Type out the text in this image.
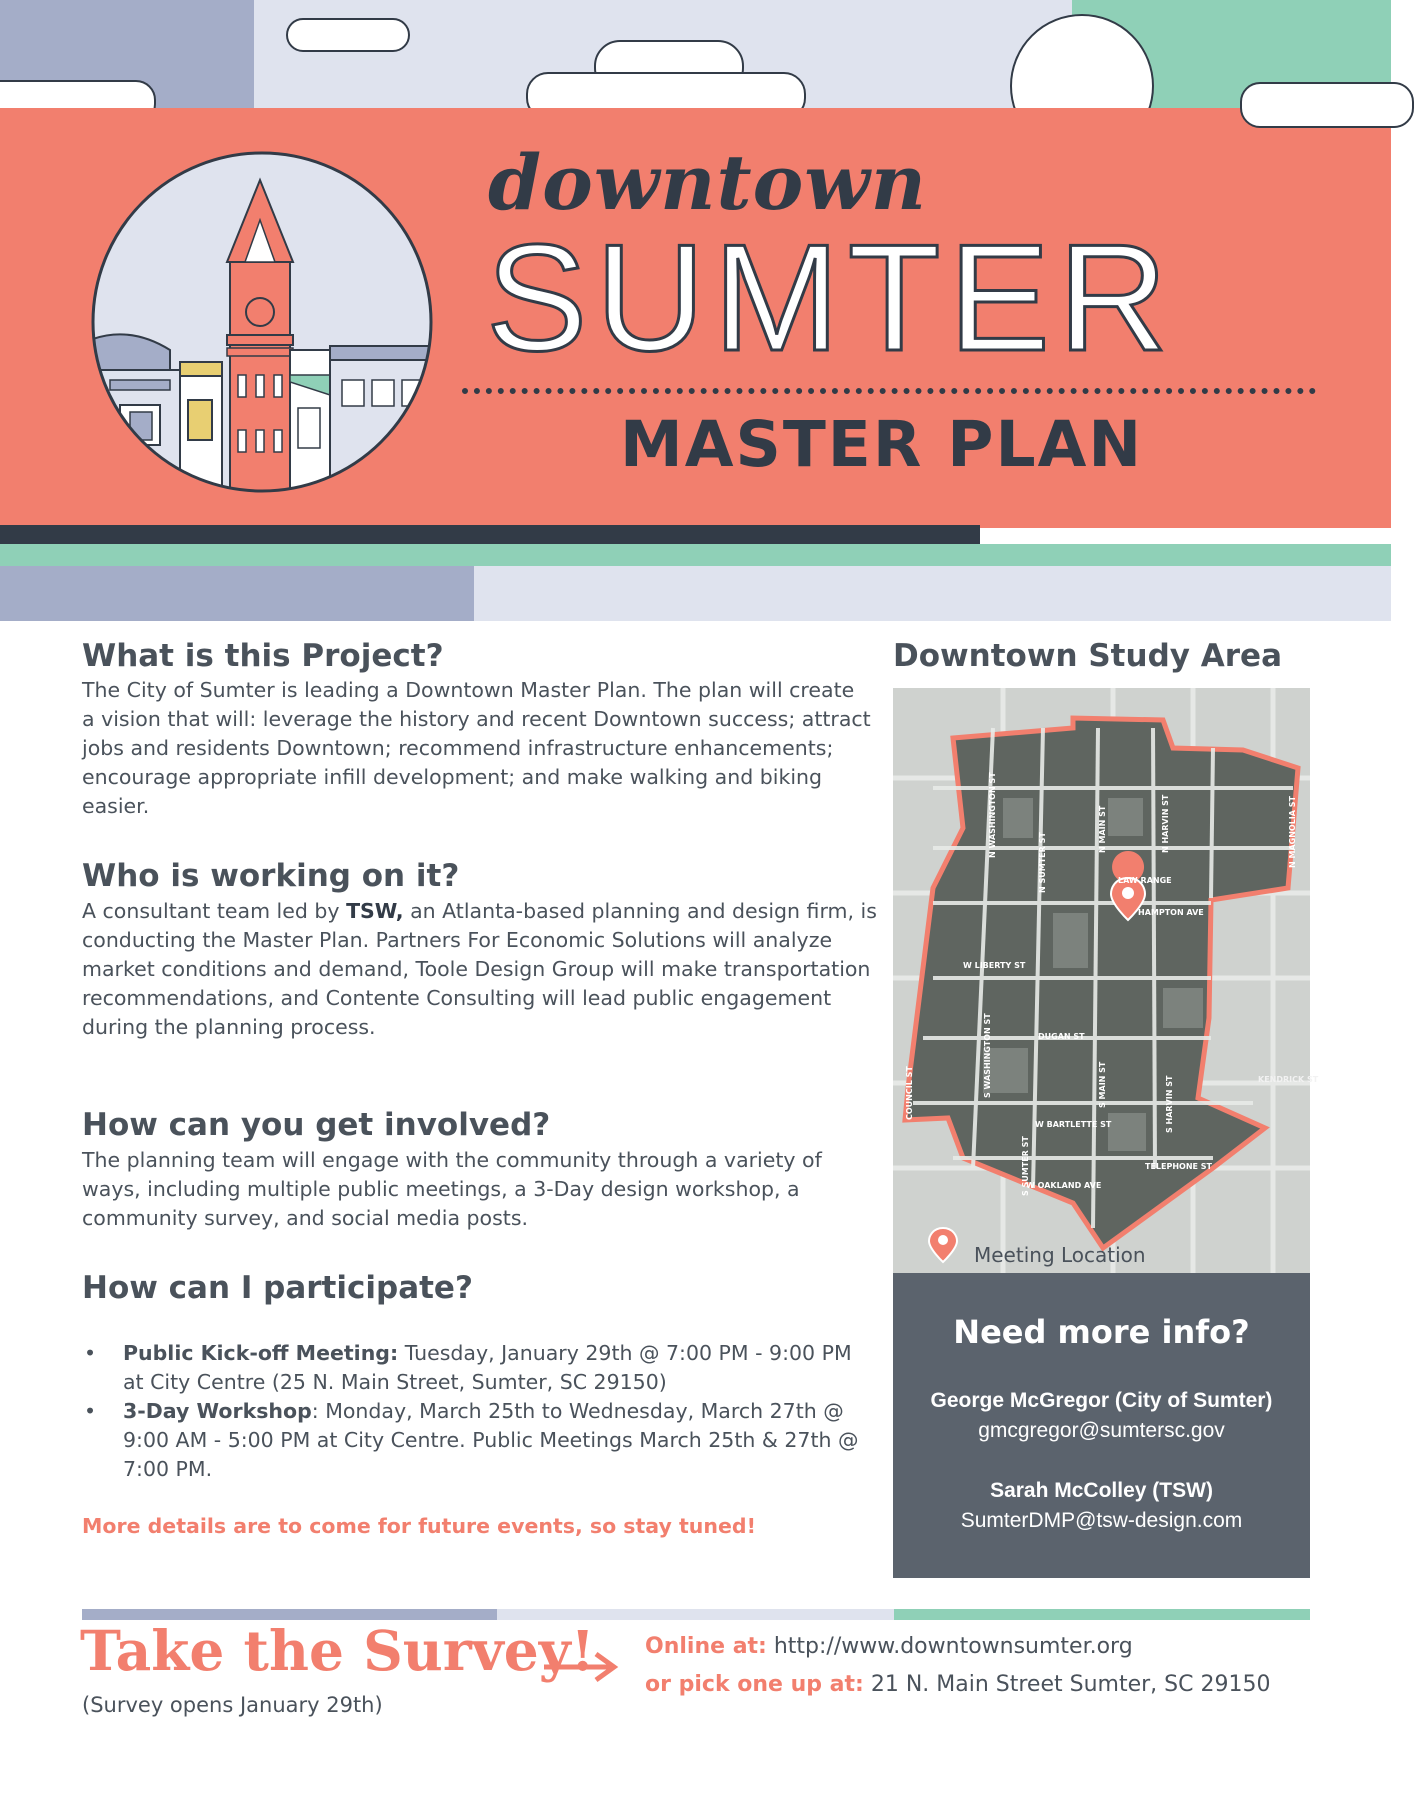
downtown
SUMTER
MASTER PLAN
What is this Project?

The City of Sumter is leading a Downtown Master Plan. The plan will create a vision that will: leverage the history and recent Downtown success; attract jobs and residents Downtown; recommend infrastructure enhancements; encourage appropriate infill development; and make walking and biking easier.

Who is working on it?

A consultant team led by TSW, an Atlanta-based planning and design firm, is conducting the Master Plan. Partners For Economic Solutions will analyze market conditions and demand, Toole Design Group will make transportation recommendations, and Contente Consulting will lead public engagement during the planning process.

How can you get involved?

The planning team will engage with the community through a variety of ways, including multiple public meetings, a 3-Day design workshop, a community survey, and social media posts.

How can I participate?
• Public Kick-off Meeting: Tuesday, January 29th @ 7:00 PM - 9:00 PM at City Centre (25 N. Main Street, Sumter, SC 29150)
• 3-Day Workshop: Monday, March 25th to Wednesday, March 27th @ 9:00 AM - 5:00 PM at City Centre. Public Meetings March 25th & 27th @ 7:00 PM.
More details are to come for future events, so stay tuned!
Downtown Study Area
N WASHINGTON ST
N SUMTER ST
N MAIN ST	N HARVIN ST	N MAGNOLIA ST
LAW RANGE
HAMPTON AVE
W LIBERTY ST
DUGAN ST
S WASHINGTON ST	S MAIN ST	S HARVIN ST
W BARTLETTE ST
TELEPHONE ST
S SUMTER ST
W OAKLAND AVE
COUNCIL ST	KENDRICK ST
Meeting Location
Need more info?
George McGregor (City of Sumter)
gmcgregor@sumtersc.gov
Sarah McColley (TSW)
SumterDMP@tsw-design.com
Take the Survey!
(Survey opens January 29th)
Online at: http://www.downtownsumter.org
or pick one up at: 21 N. Main Street Sumter, SC 29150
